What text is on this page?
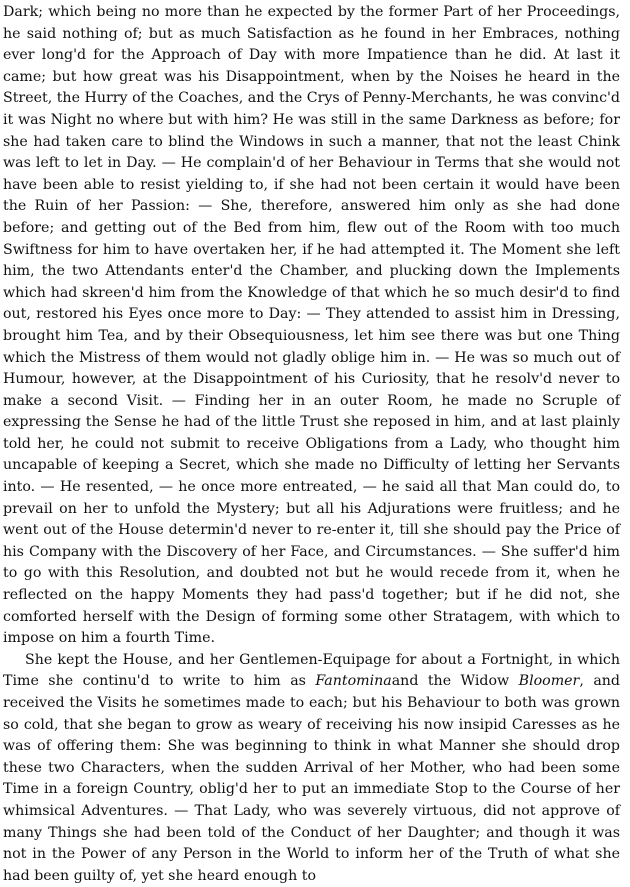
Dark; which being no more than he expected by the former Part of her Proceedings, he said nothing of; but as much Satisfaction as he found in her Embraces, nothing ever long'd for the Approach of Day with more Impatience than he did. At last it came; but how great was his Disappointment, when by the Noises he heard in the Street, the Hurry of the Coaches, and the Crys of Penny-Merchants, he was convinc'd it was Night no where but with him? He was still in the same Darkness as before; for she had taken care to blind the Windows in such a manner, that not the least Chink was left to let in Day. — He complain'd of her Behaviour in Terms that she would not have been able to resist yielding to, if she had not been certain it would have been the Ruin of her Passion: — She, therefore, answered him only as she had done before; and getting out of the Bed from him, flew out of the Room with too much Swiftness for him to have overtaken her, if he had attempted it. The Moment she left him, the two Attendants enter'd the Chamber, and plucking down the Implements which had skreen'd him from the Knowledge of that which he so much desir'd to find out, restored his Eyes once more to Day: — They attended to assist him in Dressing, brought him Tea, and by their Obsequiousness, let him see there was but one Thing which the Mistress of them would not gladly oblige him in. — He was so much out of Humour, however, at the Disappointment of his Curiosity, that he resolv'd never to make a second Visit. — Finding her in an outer Room, he made no Scruple of expressing the Sense he had of the little Trust she reposed in him, and at last plainly told her, he could not submit to receive Obligations from a Lady, who thought him uncapable of keeping a Secret, which she made no Difficulty of letting her Servants into. — He resented, — he once more entreated, — he said all that Man could do, to prevail on her to unfold the Mystery; but all his Adjurations were fruitless; and he went out of the House determin'd never to re-enter it, till she should pay the Price of his Company with the Discovery of her Face, and Circumstances. — She suffer'd him to go with this Resolution, and doubted not but he would recede from it, when he reflected on the happy Moments they had pass'd together; but if he did not, she comforted herself with the Design of forming some other Stratagem, with which to impose on him a fourth Time.

She kept the House, and her Gentlemen-Equipage for about a Fortnight, in which Time she continu'd to write to him as Fantominaand the Widow Bloomer, and received the Visits he sometimes made to each; but his Behaviour to both was grown so cold, that she began to grow as weary of receiving his now insipid Caresses as he was of offering them: She was beginning to think in what Manner she should drop these two Characters, when the sudden Arrival of her Mother, who had been some Time in a foreign Country, oblig'd her to put an immediate Stop to the Course of her whimsical Adventures. — That Lady, who was severely virtuous, did not approve of many Things she had been told of the Conduct of her Daughter; and though it was not in the Power of any Person in the World to inform her of the Truth of what she had been guilty of, yet she heard enough to
